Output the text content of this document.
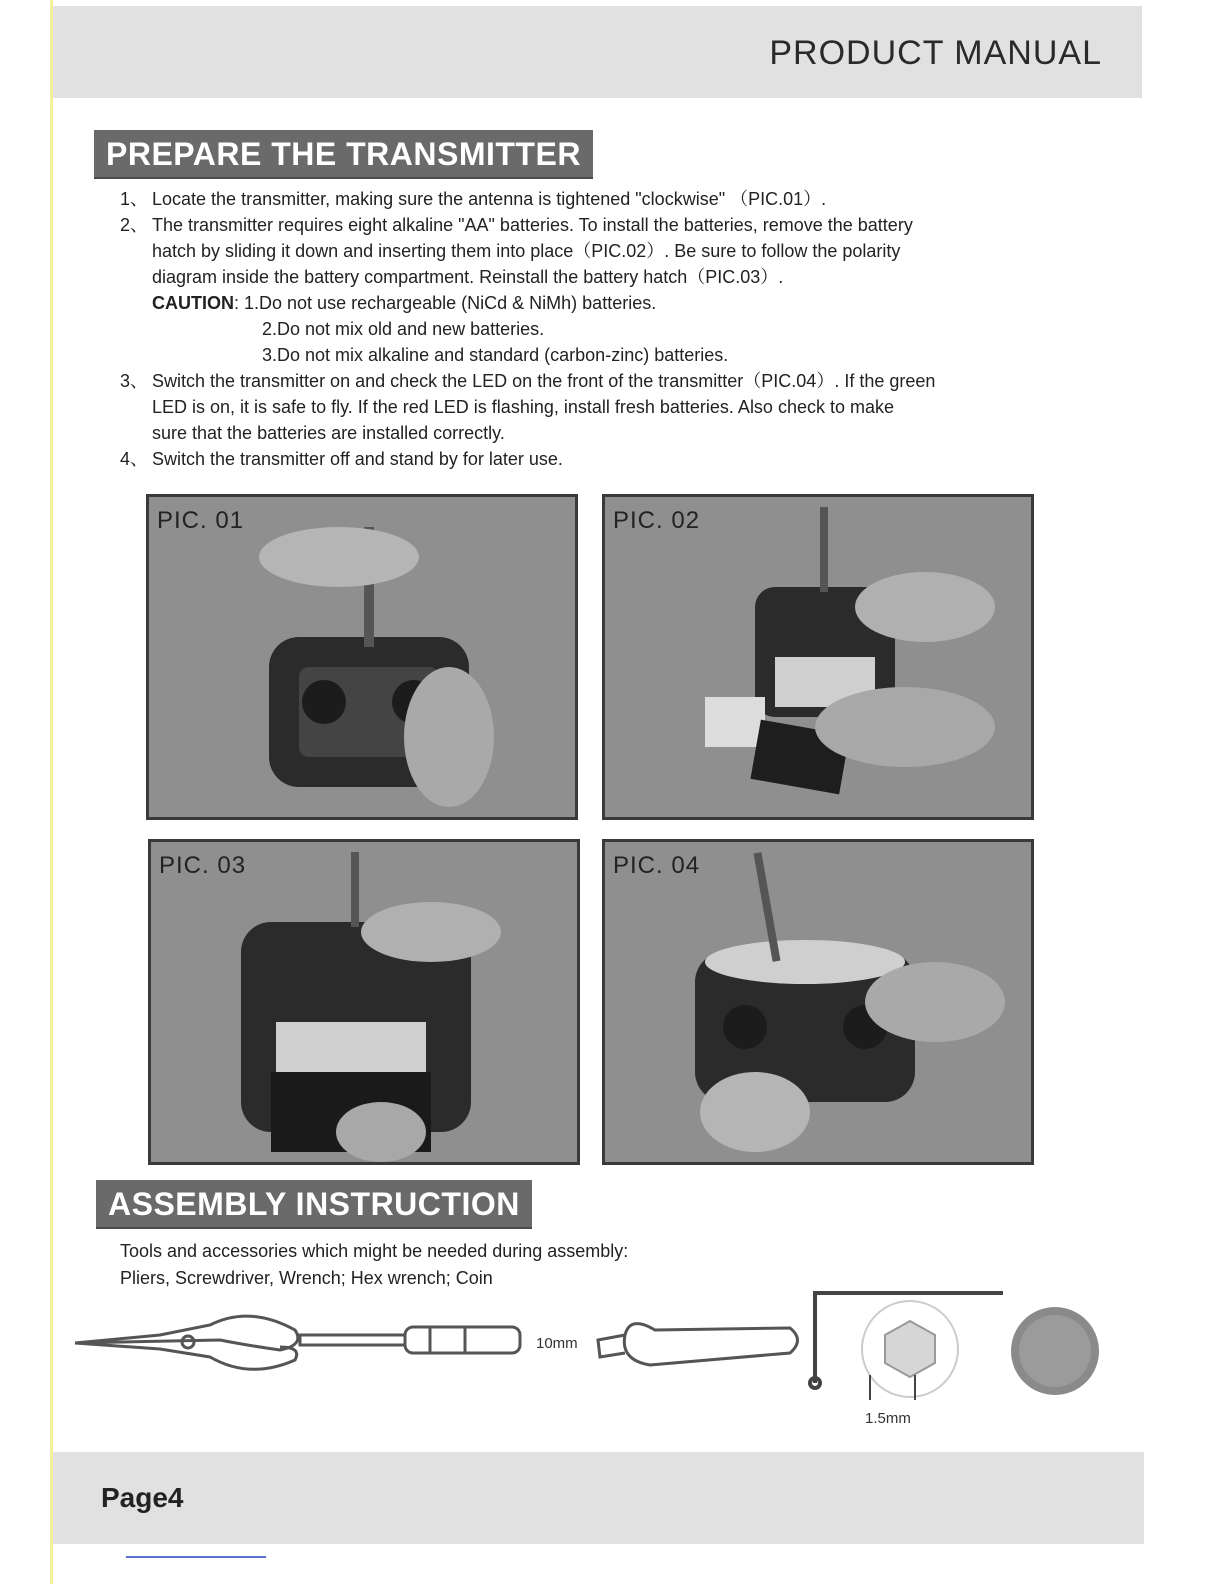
PRODUCT MANUAL
PREPARE THE TRANSMITTER
1、 Locate the transmitter, making sure the antenna is tightened "clockwise" （PIC.01）.
2、 The transmitter requires eight alkaline "AA" batteries. To install the batteries, remove the battery
hatch by sliding it down and inserting them into place（PIC.02）. Be sure to follow the polarity
diagram inside the battery compartment. Reinstall the battery hatch（PIC.03）.
CAUTION: 1.Do not use rechargeable (NiCd & NiMh) batteries.
2.Do not mix old and new batteries.
3.Do not mix alkaline and standard (carbon-zinc) batteries.
3、 Switch the transmitter on and check the LED on the front of the transmitter（PIC.04）. If the green
LED is on, it is safe to fly. If the red LED is flashing, install fresh batteries. Also check to make
sure that the batteries are installed correctly.
4、 Switch the transmitter off and stand by for later use.
PIC. 01	PIC. 02
PIC. 03	PIC. 04
ASSEMBLY INSTRUCTION
Tools and accessories which might be needed during assembly:
Pliers, Screwdriver, Wrench; Hex wrench; Coin
10mm
1.5mm
Page4
